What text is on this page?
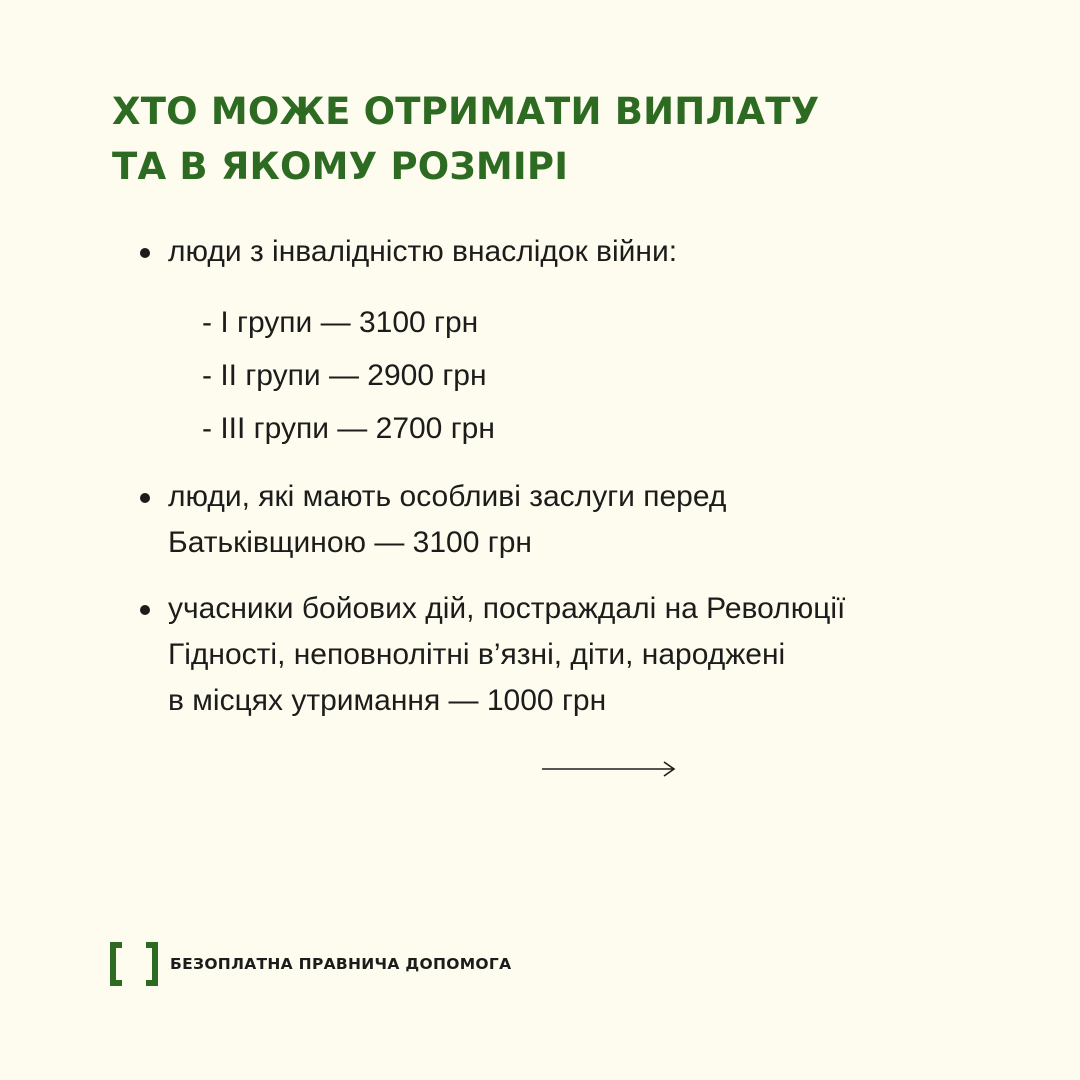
ХТО МОЖЕ ОТРИМАТИ ВИПЛАТУ
ТА В ЯКОМУ РОЗМІРІ
люди з інвалідністю внаслідок війни:
- I групи — 3100 грн
- II групи — 2900 грн
- III групи — 2700 грн
люди, які мають особливі заслуги перед
Батьківщиною — 3100 грн
учасники бойових дій, постраждалі на Революції
Гідності, неповнолітні в’язні, діти, народжені
в місцях утримання — 1000 грн
БЕЗОПЛАТНА ПРАВНИЧА ДОПОМОГА
